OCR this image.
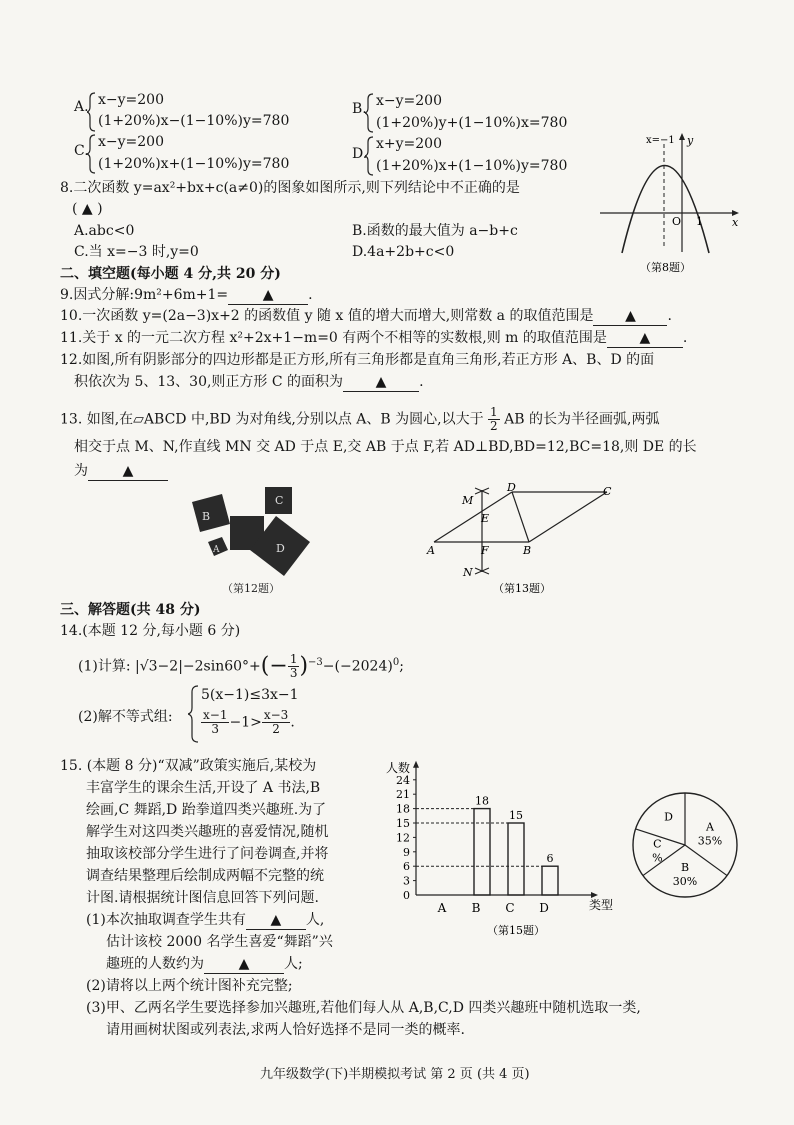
A. x−y=200
(1+20%)x−(1−10%)y=780
B. x−y=200
(1+20%)y+(1−10%)x=780
C.
x−y=200
(1+20%)x+(1−10%)y=780
D.
x+y=200
(1+20%)x+(1−10%)y=780
8.二次函数 y=ax²+bx+c(a≠0)的图象如图所示,则下列结论中不正确的是
( ▲ )
A.abc<0	B.函数的最大值为 a−b+c
C.当 x=−3 时,y=0	D.4a+2b+c<0
x=−1 y
x
O 1
（第8题）
二、填空题(每小题 4 分,共 20 分)
9.因式分解:9m²+6m+1= ▲ .
10.一次函数 y=(2a−3)x+2 的函数值 y 随 x 值的增大而增大,则常数 a 的取值范围是 ▲ .
11.关于 x 的一元二次方程 x²+2x+1−m=0 有两个不相等的实数根,则 m 的取值范围是 ▲ .
12.如图,所有阴影部分的四边形都是正方形,所有三角形都是直角三角形,若正方形 A、B、D 的面
积依次为 5、13、30,则正方形 C 的面积为 ▲ .
13. 如图,在▱ABCD 中,BD 为对角线,分别以点 A、B 为圆心,以大于 $\frac{1}{2}$ AB 的长为半径画弧,两弧
相交于点 M、N,作直线 MN 交 AD 于点 E,交 AB 于点 F,若 AD⊥BD,BD=12,BC=18,则 DE 的长
为 ▲
C
B
A	D
（第12题）
M
D	C
E
A	F	B
N
（第13题）
三、解答题(共 48 分)
14.(本题 12 分,每小题 6 分)
(1)计算: $|√3-2|-2\sin 60^\circ+(- \frac{1}{3} )^{-3}-(-2024)^0$;
(2)解不等式组:
5(x−1)≤3x−1
$\frac{x-1}{3} -1> \frac{x-3}{2}$ .
15. (本题 8 分)“双减”政策实施后,某校为
丰富学生的课余生活,开设了 A 书法,B
绘画,C 舞蹈,D 跆拳道四类兴趣班.为了
解学生对这四类兴趣班的喜爱情况,随机
抽取该校部分学生进行了问卷调查,并将
调查结果整理后绘制成两幅不完整的统
计图.请根据统计图信息回答下列问题.
(1)本次抽取调查学生共有 ▲ 人,
估计该校 2000 名学生喜爱“舞蹈”兴
趣班的人数约为 ▲ 人;
(2)请将以上两个统计图补充完整;
(3)甲、乙两名学生要选择参加兴趣班,若他们每人从 A,B,C,D 四类兴趣班中随机选取一类,
请用画树状图或列表法,求两人恰好选择不是同一类的概率.
人数
类型
0
3
6
9
12
15
18
21
24
A B
18
C
15
D
6
（第15题）
A
35%
B
30%
C
%
D
九年级数学(下)半期模拟考试 第 2 页 (共 4 页)
